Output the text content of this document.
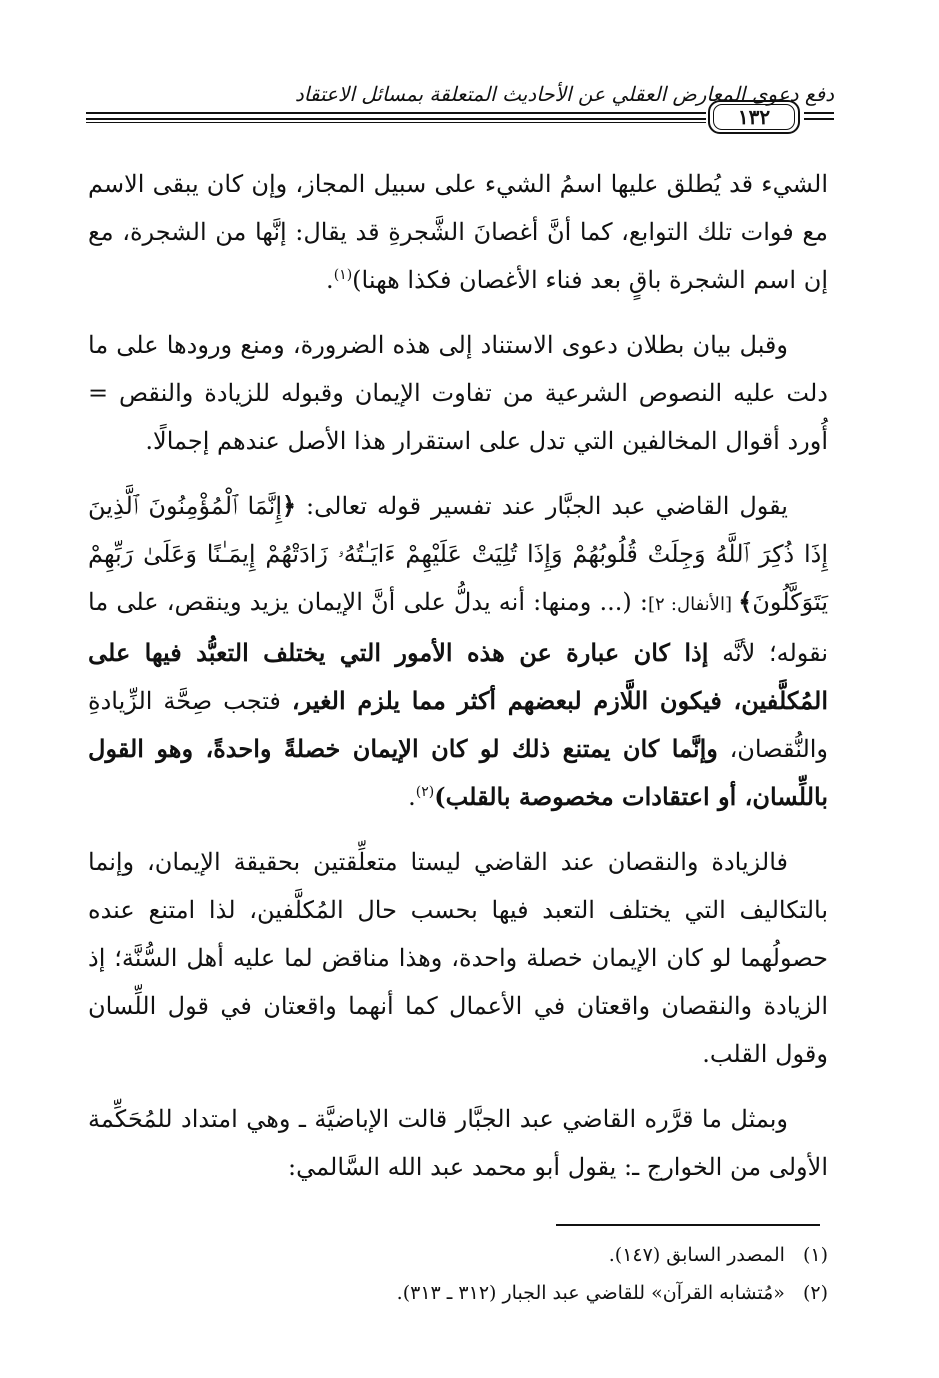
دفع دعوى المعارض العقلي عن الأحاديث المتعلقة بمسائل الاعتقاد
١٣٢

الشيء قد يُطلق عليها اسمُ الشيء على سبيل المجاز، وإن كان يبقى الاسم مع فوات تلك التوابع، كما أنَّ أغصانَ الشَّجرةِ قد يقال: إنَّها من الشجرة، مع إن اسم الشجرة باقٍ بعد فناء الأغصان فكذا ههنا)$^{(١)}$.

وقبل بيان بطلان دعوى الاستناد إلى هذه الضرورة، ومنع ورودها على ما دلت عليه النصوص الشرعية من تفاوت الإيمان وقبوله للزيادة والنقص = أُورد أقوال المخالفين التي تدل على استقرار هذا الأصل عندهم إجمالًا.

يقول القاضي عبد الجبَّار عند تفسير قوله تعالى: ﴿إِنَّمَا ٱلْمُؤْمِنُونَ ٱلَّذِينَ إِذَا ذُكِرَ ٱللَّهُ وَجِلَتْ قُلُوبُهُمْ وَإِذَا تُلِيَتْ عَلَيْهِمْ ءَايَـٰتُهُۥ زَادَتْهُمْ إِيمَـٰنًا وَعَلَىٰ رَبِّهِمْ يَتَوَكَّلُونَ﴾ [الأنفال: ٢]: (... ومنها: أنه يدلُّ على أنَّ الإيمان يزيد وينقص، على ما نقوله؛ لأنَّه إذا كان عبارة عن هذه الأمور التي يختلف التعبُّد فيها على المُكلَّفين، فيكون اللَّازم لبعضهم أكثر مما يلزم الغير، فتجب صِحَّة الزِّيادةِ والنُّقصان، وإنَّما كان يمتنع ذلك لو كان الإيمان خصلةً واحدةً، وهو القول باللِّسان، أو اعتقادات مخصوصة بالقلب)$^{(٢)}$.

فالزيادة والنقصان عند القاضي ليستا متعلِّقتين بحقيقة الإيمان، وإنما بالتكاليف التي يختلف التعبد فيها بحسب حال المُكلَّفين، لذا امتنع عنده حصولُهما لو كان الإيمان خصلة واحدة، وهذا مناقض لما عليه أهل السُّنَّة؛ إذ الزيادة والنقصان واقعتان في الأعمال كما أنهما واقعتان في قول اللِّسان وقول القلب.

وبمثل ما قرَّره القاضي عبد الجبَّار قالت الإباضيَّة ـ وهي امتداد للمُحَكِّمة الأولى من الخوارج ـ: يقول أبو محمد عبد الله السَّالمي:

(١)المصدر السابق (١٤٧).
(٢)«مُتشابه القرآن» للقاضي عبد الجبار (٣١٢ ـ ٣١٣).
